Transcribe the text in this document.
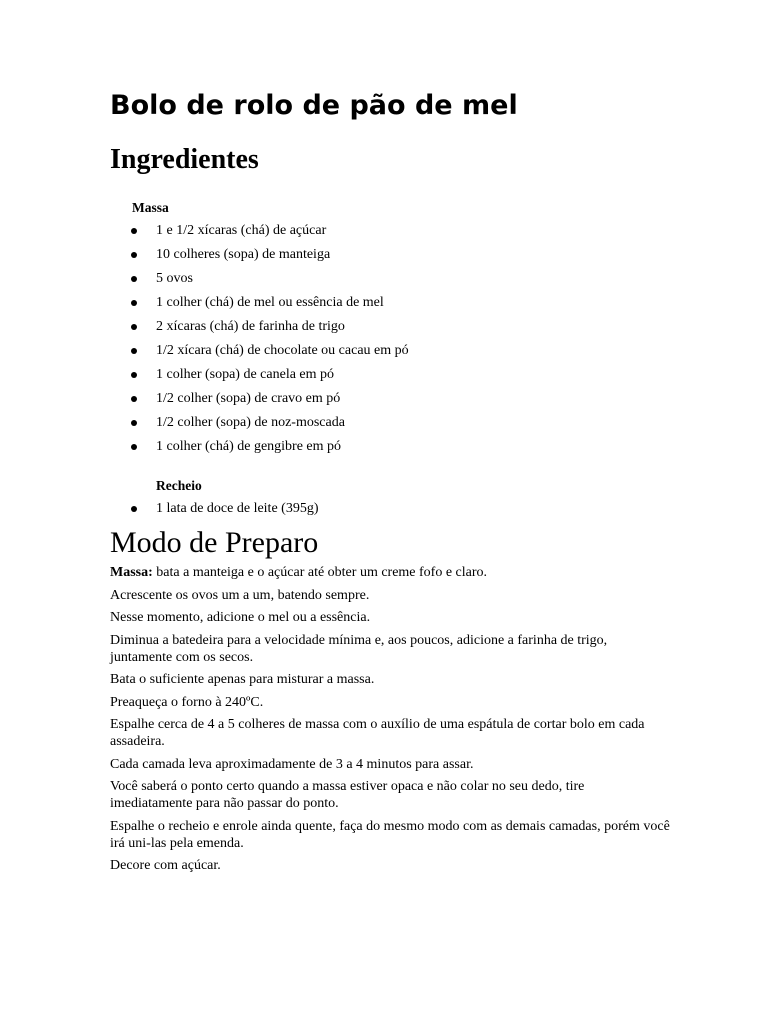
Bolo de rolo de pão de mel
Ingredientes
Massa
1 e 1/2 xícaras (chá) de açúcar
10 colheres (sopa) de manteiga
5 ovos
1 colher (chá) de mel ou essência de mel
2 xícaras (chá) de farinha de trigo
1/2 xícara (chá) de chocolate ou cacau em pó
1 colher (sopa) de canela em pó
1/2 colher (sopa) de cravo em pó
1/2 colher (sopa) de noz-moscada
1 colher (chá) de gengibre em pó
Recheio
1 lata de doce de leite (395g)
Modo de Preparo

Massa: bata a manteiga e o açúcar até obter um creme fofo e claro.

Acrescente os ovos um a um, batendo sempre.

Nesse momento, adicione o mel ou a essência.

Diminua a batedeira para a velocidade mínima e, aos poucos, adicione a farinha de trigo, juntamente com os secos.

Bata o suficiente apenas para misturar a massa.

Preaqueça o forno à 240ºC.

Espalhe cerca de 4 a 5 colheres de massa com o auxílio de uma espátula de cortar bolo em cada assadeira.

Cada camada leva aproximadamente de 3 a 4 minutos para assar.

Você saberá o ponto certo quando a massa estiver opaca e não colar no seu dedo, tire imediatamente para não passar do ponto.

Espalhe o recheio e enrole ainda quente, faça do mesmo modo com as demais camadas, porém você irá uni-las pela emenda.

Decore com açúcar.
